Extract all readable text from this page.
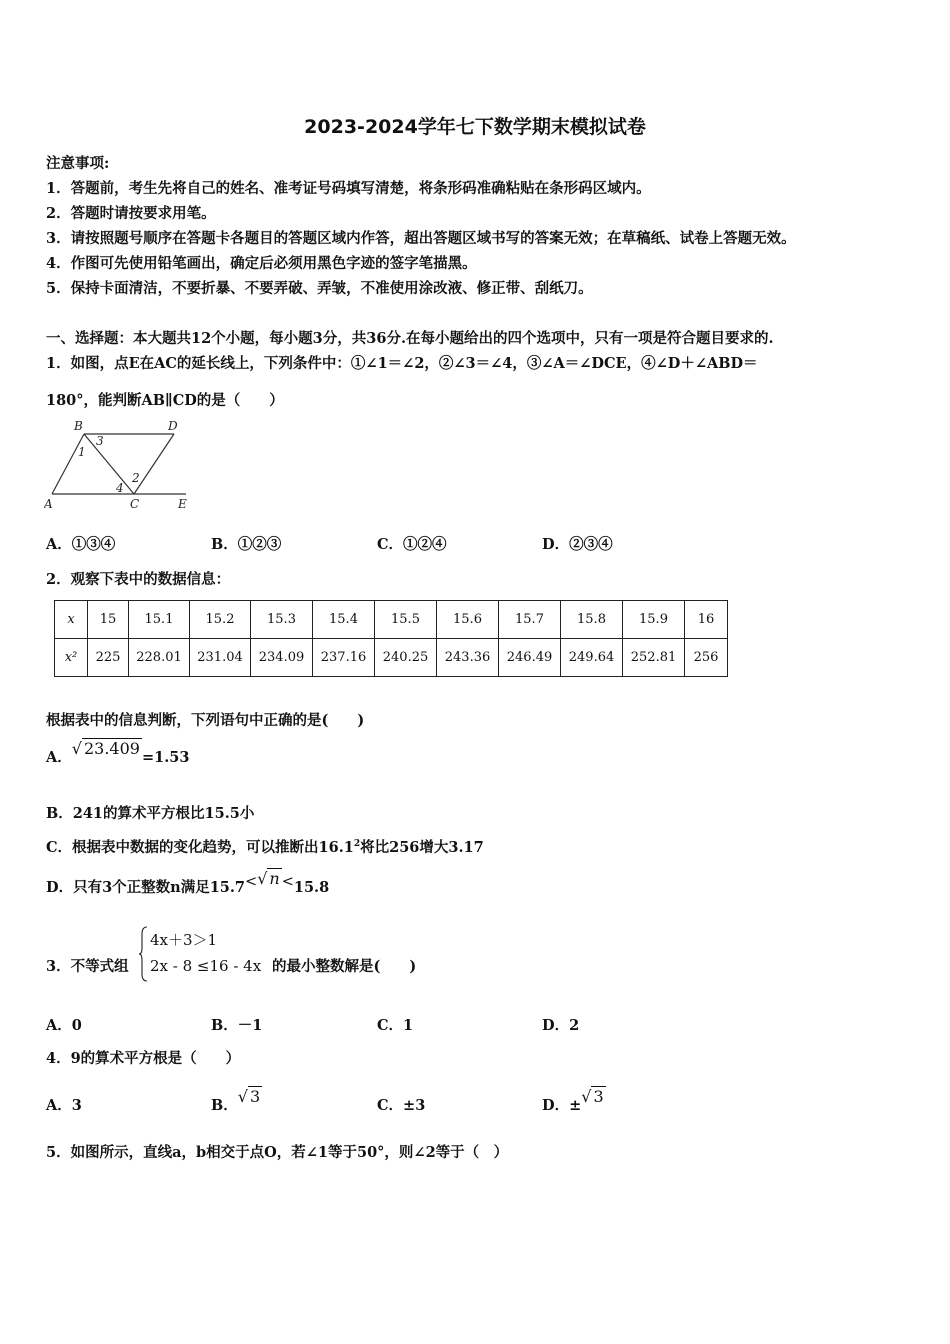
2023-2024学年七下数学期末模拟试卷
注意事项:
1．答题前，考生先将自己的姓名、准考证号码填写清楚，将条形码准确粘贴在条形码区域内。
2．答题时请按要求用笔。
3．请按照题号顺序在答题卡各题目的答题区域内作答，超出答题区域书写的答案无效；在草稿纸、试卷上答题无效。
4．作图可先使用铅笔画出，确定后必须用黑色字迹的签字笔描黑。
5．保持卡面清洁，不要折暴、不要弄破、弄皱，不准使用涂改液、修正带、刮纸刀。
一、选择题：本大题共12个小题，每小题3分，共36分.在每小题给出的四个选项中，只有一项是符合题目要求的.
1．如图，点E在AC的延长线上，下列条件中：①∠1＝∠2，②∠3＝∠4，③∠A＝∠DCE，④∠D＋∠ABD＝
180°，能判断AB∥CD的是（　　）
B	D
A	C	E
1
3
2
4
A．①③④	B．①②③	C．①②④	D．②③④
2．观察下表中的数据信息：
x	15	15.1	15.2	15.3	15.4	15.5	15.6	15.7	15.8	15.9	16
x²	225	228.01	231.04	234.09	237.16	240.25	243.36	246.49	249.64	252.81	256
根据表中的信息判断，下列语句中正确的是(　　)
A．√ 23.409 =1.53
B．241的算术平方根比15.5小
C．根据表中数据的变化趋势，可以推断出16.1$^2$将比256增大3.17
D．只有3个正整数n满足15.7<√ n <15.8
3．不等式组
4x＋3＞1
2x - 8 ≤16 - 4x 的最小整数解是(　　)
A．0	B．－1	C．1	D．2
4．9的算术平方根是（　　）
A．3	B．√ 3	C．±3	D．±√ 3
5．如图所示，直线a，b相交于点O，若∠1等于50°，则∠2等于（　）
